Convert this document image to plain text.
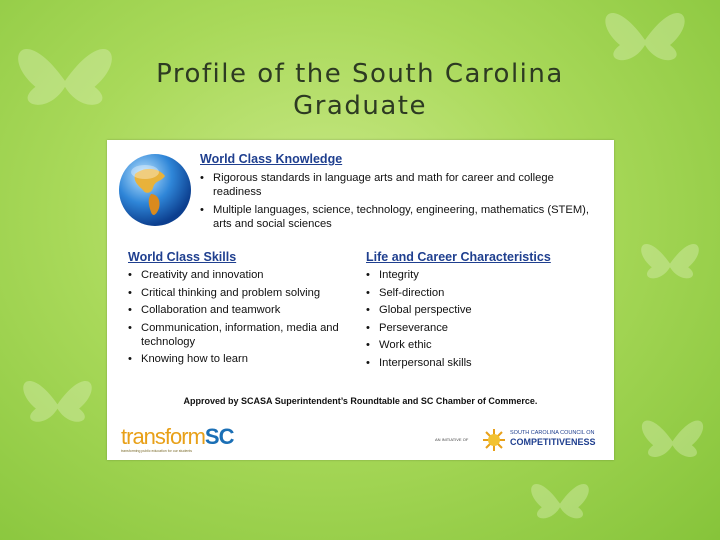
Profile of the South Carolina
Graduate
World Class Knowledge
• Rigorous standards in language arts and math for career and college readiness
• Multiple languages, science, technology, engineering, mathematics (STEM), arts and social sciences
World Class Skills
• Creativity and innovation
• Critical thinking and problem solving
• Collaboration and teamwork
• Communication, information, media and technology
• Knowing how to learn
Life and Career Characteristics
• Integrity
• Self-direction
• Global perspective
• Perseverance
• Work ethic
• Interpersonal skills
Approved by SCASA Superintendent’s Roundtable and SC Chamber of Commerce.
transformSC
transforming public education for our students
AN INITIATIVE OF
SOUTH CAROLINA COUNCIL ON
COMPETITIVENESS
